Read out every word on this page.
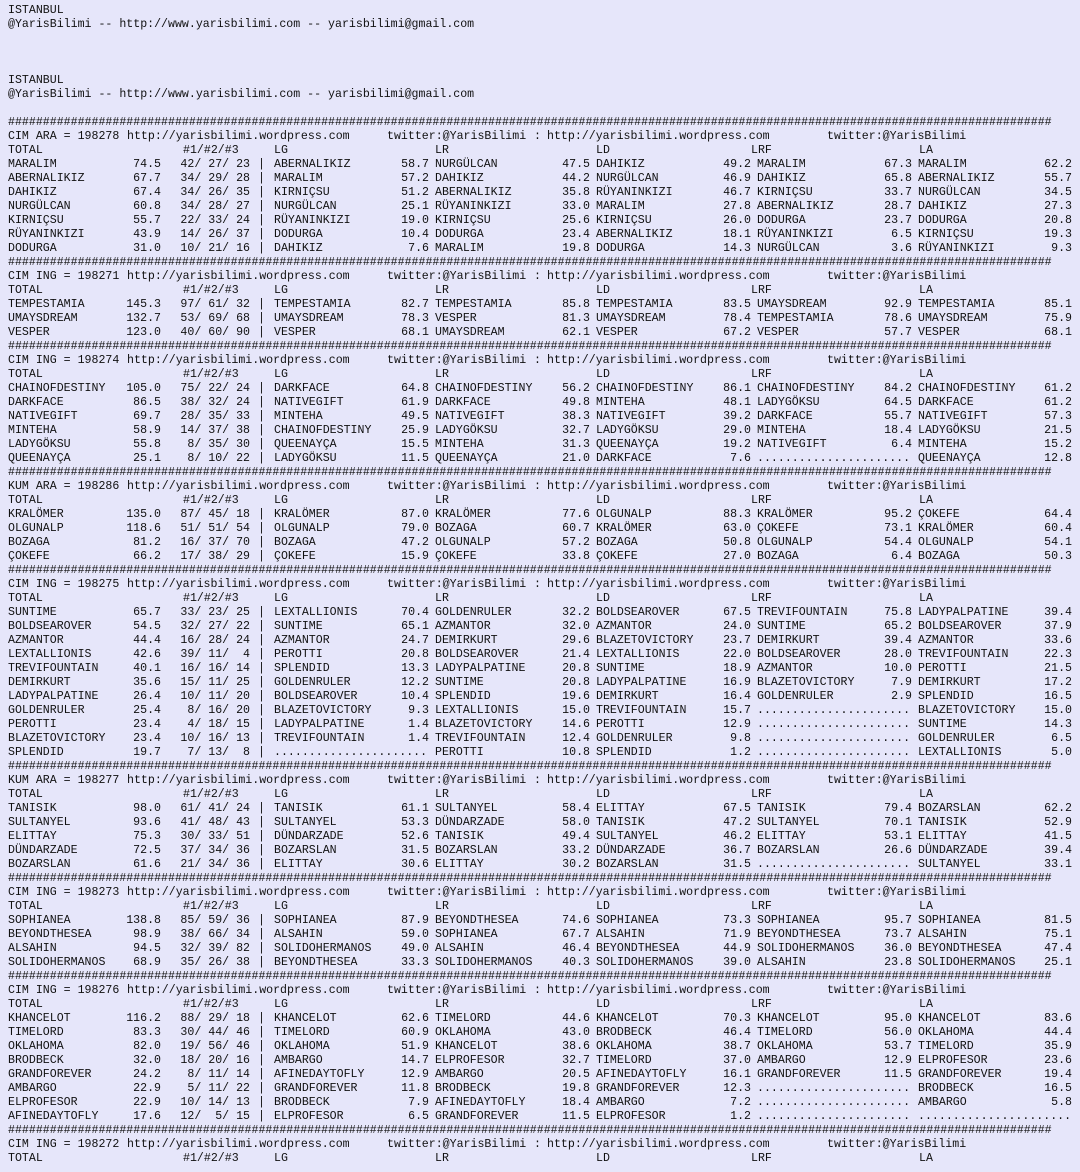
ISTANBUL
@YarisBilimi -- http://www.yarisbilimi.com -- yarisbilimi@gmail.com
ISTANBUL
@YarisBilimi -- http://www.yarisbilimi.com -- yarisbilimi@gmail.com
######################################################################################################################################################
CIM ARA = 198278 http://yarisbilimi.wordpress.com	twitter:@YarisBilimi : http://yarisbilimi.wordpress.com	twitter:@YarisBilimi
TOTAL	#1/#2/#3	LG	LR	LD	LRF	LA
MARALIM	74.5 42/ 27/ 23 | ABERNALIKIZ	58.7 NURGÜLCAN	47.5 DAHIKIZ	49.2 MARALIM	67.3 MARALIM	62.2
ABERNALIKIZ	67.7 34/ 29/ 28 | MARALIM	57.2 DAHIKIZ	44.2 NURGÜLCAN	46.9 DAHIKIZ	65.8 ABERNALIKIZ	55.7
DAHIKIZ	67.4 34/ 26/ 35 | KIRNIÇSU	51.2 ABERNALIKIZ	35.8 RÜYANINKIZI	46.7 KIRNIÇSU	33.7 NURGÜLCAN	34.5
NURGÜLCAN	60.8 34/ 28/ 27 | NURGÜLCAN	25.1 RÜYANINKIZI	33.0 MARALIM	27.8 ABERNALIKIZ	28.7 DAHIKIZ	27.3
KIRNIÇSU	55.7 22/ 33/ 24 | RÜYANINKIZI	19.0 KIRNIÇSU	25.6 KIRNIÇSU	26.0 DODURGA	23.7 DODURGA	20.8
RÜYANINKIZI	43.9 14/ 26/ 37 | DODURGA	10.4 DODURGA	23.4 ABERNALIKIZ	18.1 RÜYANINKIZI	6.5 KIRNIÇSU	19.3
DODURGA	31.0 10/ 21/ 16 | DAHIKIZ	7.6 MARALIM	19.8 DODURGA	14.3 NURGÜLCAN	3.6 RÜYANINKIZI	9.3
######################################################################################################################################################
CIM ING = 198271 http://yarisbilimi.wordpress.com	twitter:@YarisBilimi : http://yarisbilimi.wordpress.com	twitter:@YarisBilimi
TOTAL	#1/#2/#3	LG	LR	LD	LRF	LA
TEMPESTAMIA	145.3 97/ 61/ 32 | TEMPESTAMIA	82.7 TEMPESTAMIA	85.8 TEMPESTAMIA	83.5 UMAYSDREAM	92.9 TEMPESTAMIA	85.1
UMAYSDREAM	132.7 53/ 69/ 68 | UMAYSDREAM	78.3 VESPER	81.3 UMAYSDREAM	78.4 TEMPESTAMIA	78.6 UMAYSDREAM	75.9
VESPER	123.0 40/ 60/ 90 | VESPER	68.1 UMAYSDREAM	62.1 VESPER	67.2 VESPER	57.7 VESPER	68.1
######################################################################################################################################################
CIM ING = 198274 http://yarisbilimi.wordpress.com	twitter:@YarisBilimi : http://yarisbilimi.wordpress.com	twitter:@YarisBilimi
TOTAL	#1/#2/#3	LG	LR	LD	LRF	LA
CHAINOFDESTINY 105.0 75/ 22/ 24 | DARKFACE	64.8 CHAINOFDESTINY	56.2 CHAINOFDESTINY	86.1 CHAINOFDESTINY	84.2 CHAINOFDESTINY 61.2
DARKFACE	86.5 38/ 32/ 24 | NATIVEGIFT	61.9 DARKFACE	49.8 MINTEHA	48.1 LADYGÖKSU	64.5 DARKFACE	61.2
NATIVEGIFT	69.7 28/ 35/ 33 | MINTEHA	49.5 NATIVEGIFT	38.3 NATIVEGIFT	39.2 DARKFACE	55.7 NATIVEGIFT	57.3
MINTEHA	58.9 14/ 37/ 38 | CHAINOFDESTINY	25.9 LADYGÖKSU	32.7 LADYGÖKSU	29.0 MINTEHA	18.4 LADYGÖKSU	21.5
LADYGÖKSU	55.8 8/ 35/ 30 | QUEENAYÇA	15.5 MINTEHA	31.3 QUEENAYÇA	19.2 NATIVEGIFT	6.4 MINTEHA	15.2
QUEENAYÇA	25.1 8/ 10/ 22 | LADYGÖKSU	11.5 QUEENAYÇA	21.0 DARKFACE	7.6 ...................... QUEENAYÇA	12.8
######################################################################################################################################################
KUM ARA = 198286 http://yarisbilimi.wordpress.com	twitter:@YarisBilimi : http://yarisbilimi.wordpress.com	twitter:@YarisBilimi
TOTAL	#1/#2/#3	LG	LR	LD	LRF	LA
KRALÖMER	135.0 87/ 45/ 18 | KRALÖMER	87.0 KRALÖMER	77.6 OLGUNALP	88.3 KRALÖMER	95.2 ÇOKEFE	64.4
OLGUNALP	118.6 51/ 51/ 54 | OLGUNALP	79.0 BOZAGA	60.7 KRALÖMER	63.0 ÇOKEFE	73.1 KRALÖMER	60.4
BOZAGA	81.2 16/ 37/ 70 | BOZAGA	47.2 OLGUNALP	57.2 BOZAGA	50.8 OLGUNALP	54.4 OLGUNALP	54.1
ÇOKEFE	66.2 17/ 38/ 29 | ÇOKEFE	15.9 ÇOKEFE	33.8 ÇOKEFE	27.0 BOZAGA	6.4 BOZAGA	50.3
######################################################################################################################################################
CIM ING = 198275 http://yarisbilimi.wordpress.com	twitter:@YarisBilimi : http://yarisbilimi.wordpress.com	twitter:@YarisBilimi
TOTAL	#1/#2/#3	LG	LR	LD	LRF	LA
SUNTIME	65.7 33/ 23/ 25 | LEXTALLIONIS	70.4 GOLDENRULER	32.2 BOLDSEAROVER	67.5 TREVIFOUNTAIN	75.8 LADYPALPATINE	39.4
BOLDSEAROVER	54.5 32/ 27/ 22 | SUNTIME	65.1 AZMANTOR	32.0 AZMANTOR	24.0 SUNTIME	65.2 BOLDSEAROVER	37.9
AZMANTOR	44.4 16/ 28/ 24 | AZMANTOR	24.7 DEMIRKURT	29.6 BLAZETOVICTORY	23.7 DEMIRKURT	39.4 AZMANTOR	33.6
LEXTALLIONIS	42.6 39/ 11/  4 | PEROTTI	20.8 BOLDSEAROVER	21.4 LEXTALLIONIS	22.0 BOLDSEAROVER	28.0 TREVIFOUNTAIN	22.3
TREVIFOUNTAIN	40.1 16/ 16/ 14 | SPLENDID	13.3 LADYPALPATINE	20.8 SUNTIME	18.9 AZMANTOR	10.0 PEROTTI	21.5
DEMIRKURT	35.6 15/ 11/ 25 | GOLDENRULER	12.2 SUNTIME	20.8 LADYPALPATINE	16.9 BLAZETOVICTORY	7.9 DEMIRKURT	17.2
LADYPALPATINE	26.4 10/ 11/ 20 | BOLDSEAROVER	10.4 SPLENDID	19.6 DEMIRKURT	16.4 GOLDENRULER	2.9 SPLENDID	16.5
GOLDENRULER	25.4 8/ 16/ 20 | BLAZETOVICTORY	9.3 LEXTALLIONIS	15.0 TREVIFOUNTAIN	15.7 ...................... BLAZETOVICTORY 15.0
PEROTTI	23.4 4/ 18/ 15 | LADYPALPATINE	1.4 BLAZETOVICTORY	14.6 PEROTTI	12.9 ...................... SUNTIME	14.3
BLAZETOVICTORY 23.4 10/ 16/ 13 | TREVIFOUNTAIN	1.4 TREVIFOUNTAIN	12.4 GOLDENRULER	9.8 ...................... GOLDENRULER	6.5
SPLENDID	19.7 7/ 13/  8 | ...................... PEROTTI	10.8 SPLENDID	1.2 ...................... LEXTALLIONIS	5.0
######################################################################################################################################################
KUM ARA = 198277 http://yarisbilimi.wordpress.com	twitter:@YarisBilimi : http://yarisbilimi.wordpress.com	twitter:@YarisBilimi
TOTAL	#1/#2/#3	LG	LR	LD	LRF	LA
TANISIK	98.0 61/ 41/ 24 | TANISIK	61.1 SULTANYEL	58.4 ELITTAY	67.5 TANISIK	79.4 BOZARSLAN	62.2
SULTANYEL	93.6 41/ 48/ 43 | SULTANYEL	53.3 DÜNDARZADE	58.0 TANISIK	47.2 SULTANYEL	70.1 TANISIK	52.9
ELITTAY	75.3 30/ 33/ 51 | DÜNDARZADE	52.6 TANISIK	49.4 SULTANYEL	46.2 ELITTAY	53.1 ELITTAY	41.5
DÜNDARZADE	72.5 37/ 34/ 36 | BOZARSLAN	31.5 BOZARSLAN	33.2 DÜNDARZADE	36.7 BOZARSLAN	26.6 DÜNDARZADE	39.4
BOZARSLAN	61.6 21/ 34/ 36 | ELITTAY	30.6 ELITTAY	30.2 BOZARSLAN	31.5 ...................... SULTANYEL	33.1
######################################################################################################################################################
CIM ING = 198273 http://yarisbilimi.wordpress.com	twitter:@YarisBilimi : http://yarisbilimi.wordpress.com	twitter:@YarisBilimi
TOTAL	#1/#2/#3	LG	LR	LD	LRF	LA
SOPHIANEA	138.8 85/ 59/ 36 | SOPHIANEA	87.9 BEYONDTHESEA	74.6 SOPHIANEA	73.3 SOPHIANEA	95.7 SOPHIANEA	81.5
BEYONDTHESEA	98.9 38/ 66/ 34 | ALSAHIN	59.0 SOPHIANEA	67.7 ALSAHIN	71.9 BEYONDTHESEA	73.7 ALSAHIN	75.1
ALSAHIN	94.5 32/ 39/ 82 | SOLIDOHERMANOS	49.0 ALSAHIN	46.4 BEYONDTHESEA	44.9 SOLIDOHERMANOS	36.0 BEYONDTHESEA	47.4
SOLIDOHERMANOS 68.9 35/ 26/ 38 | BEYONDTHESEA	33.3 SOLIDOHERMANOS	40.3 SOLIDOHERMANOS	39.0 ALSAHIN	23.8 SOLIDOHERMANOS 25.1
######################################################################################################################################################
CIM ING = 198276 http://yarisbilimi.wordpress.com	twitter:@YarisBilimi : http://yarisbilimi.wordpress.com	twitter:@YarisBilimi
TOTAL	#1/#2/#3	LG	LR	LD	LRF	LA
KHANCELOT	116.2 88/ 29/ 18 | KHANCELOT	62.6 TIMELORD	44.6 KHANCELOT	70.3 KHANCELOT	95.0 KHANCELOT	83.6
TIMELORD	83.3 30/ 44/ 46 | TIMELORD	60.9 OKLAHOMA	43.0 BRODBECK	46.4 TIMELORD	56.0 OKLAHOMA	44.4
OKLAHOMA	82.0 19/ 56/ 46 | OKLAHOMA	51.9 KHANCELOT	38.6 OKLAHOMA	38.7 OKLAHOMA	53.7 TIMELORD	35.9
BRODBECK	32.0 18/ 20/ 16 | AMBARGO	14.7 ELPROFESOR	32.7 TIMELORD	37.0 AMBARGO	12.9 ELPROFESOR	23.6
GRANDFOREVER	24.2 8/ 11/ 14 | AFINEDAYTOFLY	12.9 AMBARGO	20.5 AFINEDAYTOFLY	16.1 GRANDFOREVER	11.5 GRANDFOREVER	19.4
AMBARGO	22.9 5/ 11/ 22 | GRANDFOREVER	11.8 BRODBECK	19.8 GRANDFOREVER	12.3 ...................... BRODBECK	16.5
ELPROFESOR	22.9 10/ 14/ 13 | BRODBECK	7.9 AFINEDAYTOFLY	18.4 AMBARGO	7.2 ...................... AMBARGO	5.8
AFINEDAYTOFLY	17.6 12/  5/ 15 | ELPROFESOR	6.5 GRANDFOREVER	11.5 ELPROFESOR	1.2 ...................... ......................
######################################################################################################################################################
CIM ING = 198272 http://yarisbilimi.wordpress.com	twitter:@YarisBilimi : http://yarisbilimi.wordpress.com	twitter:@YarisBilimi
TOTAL	#1/#2/#3	LG	LR	LD	LRF	LA
